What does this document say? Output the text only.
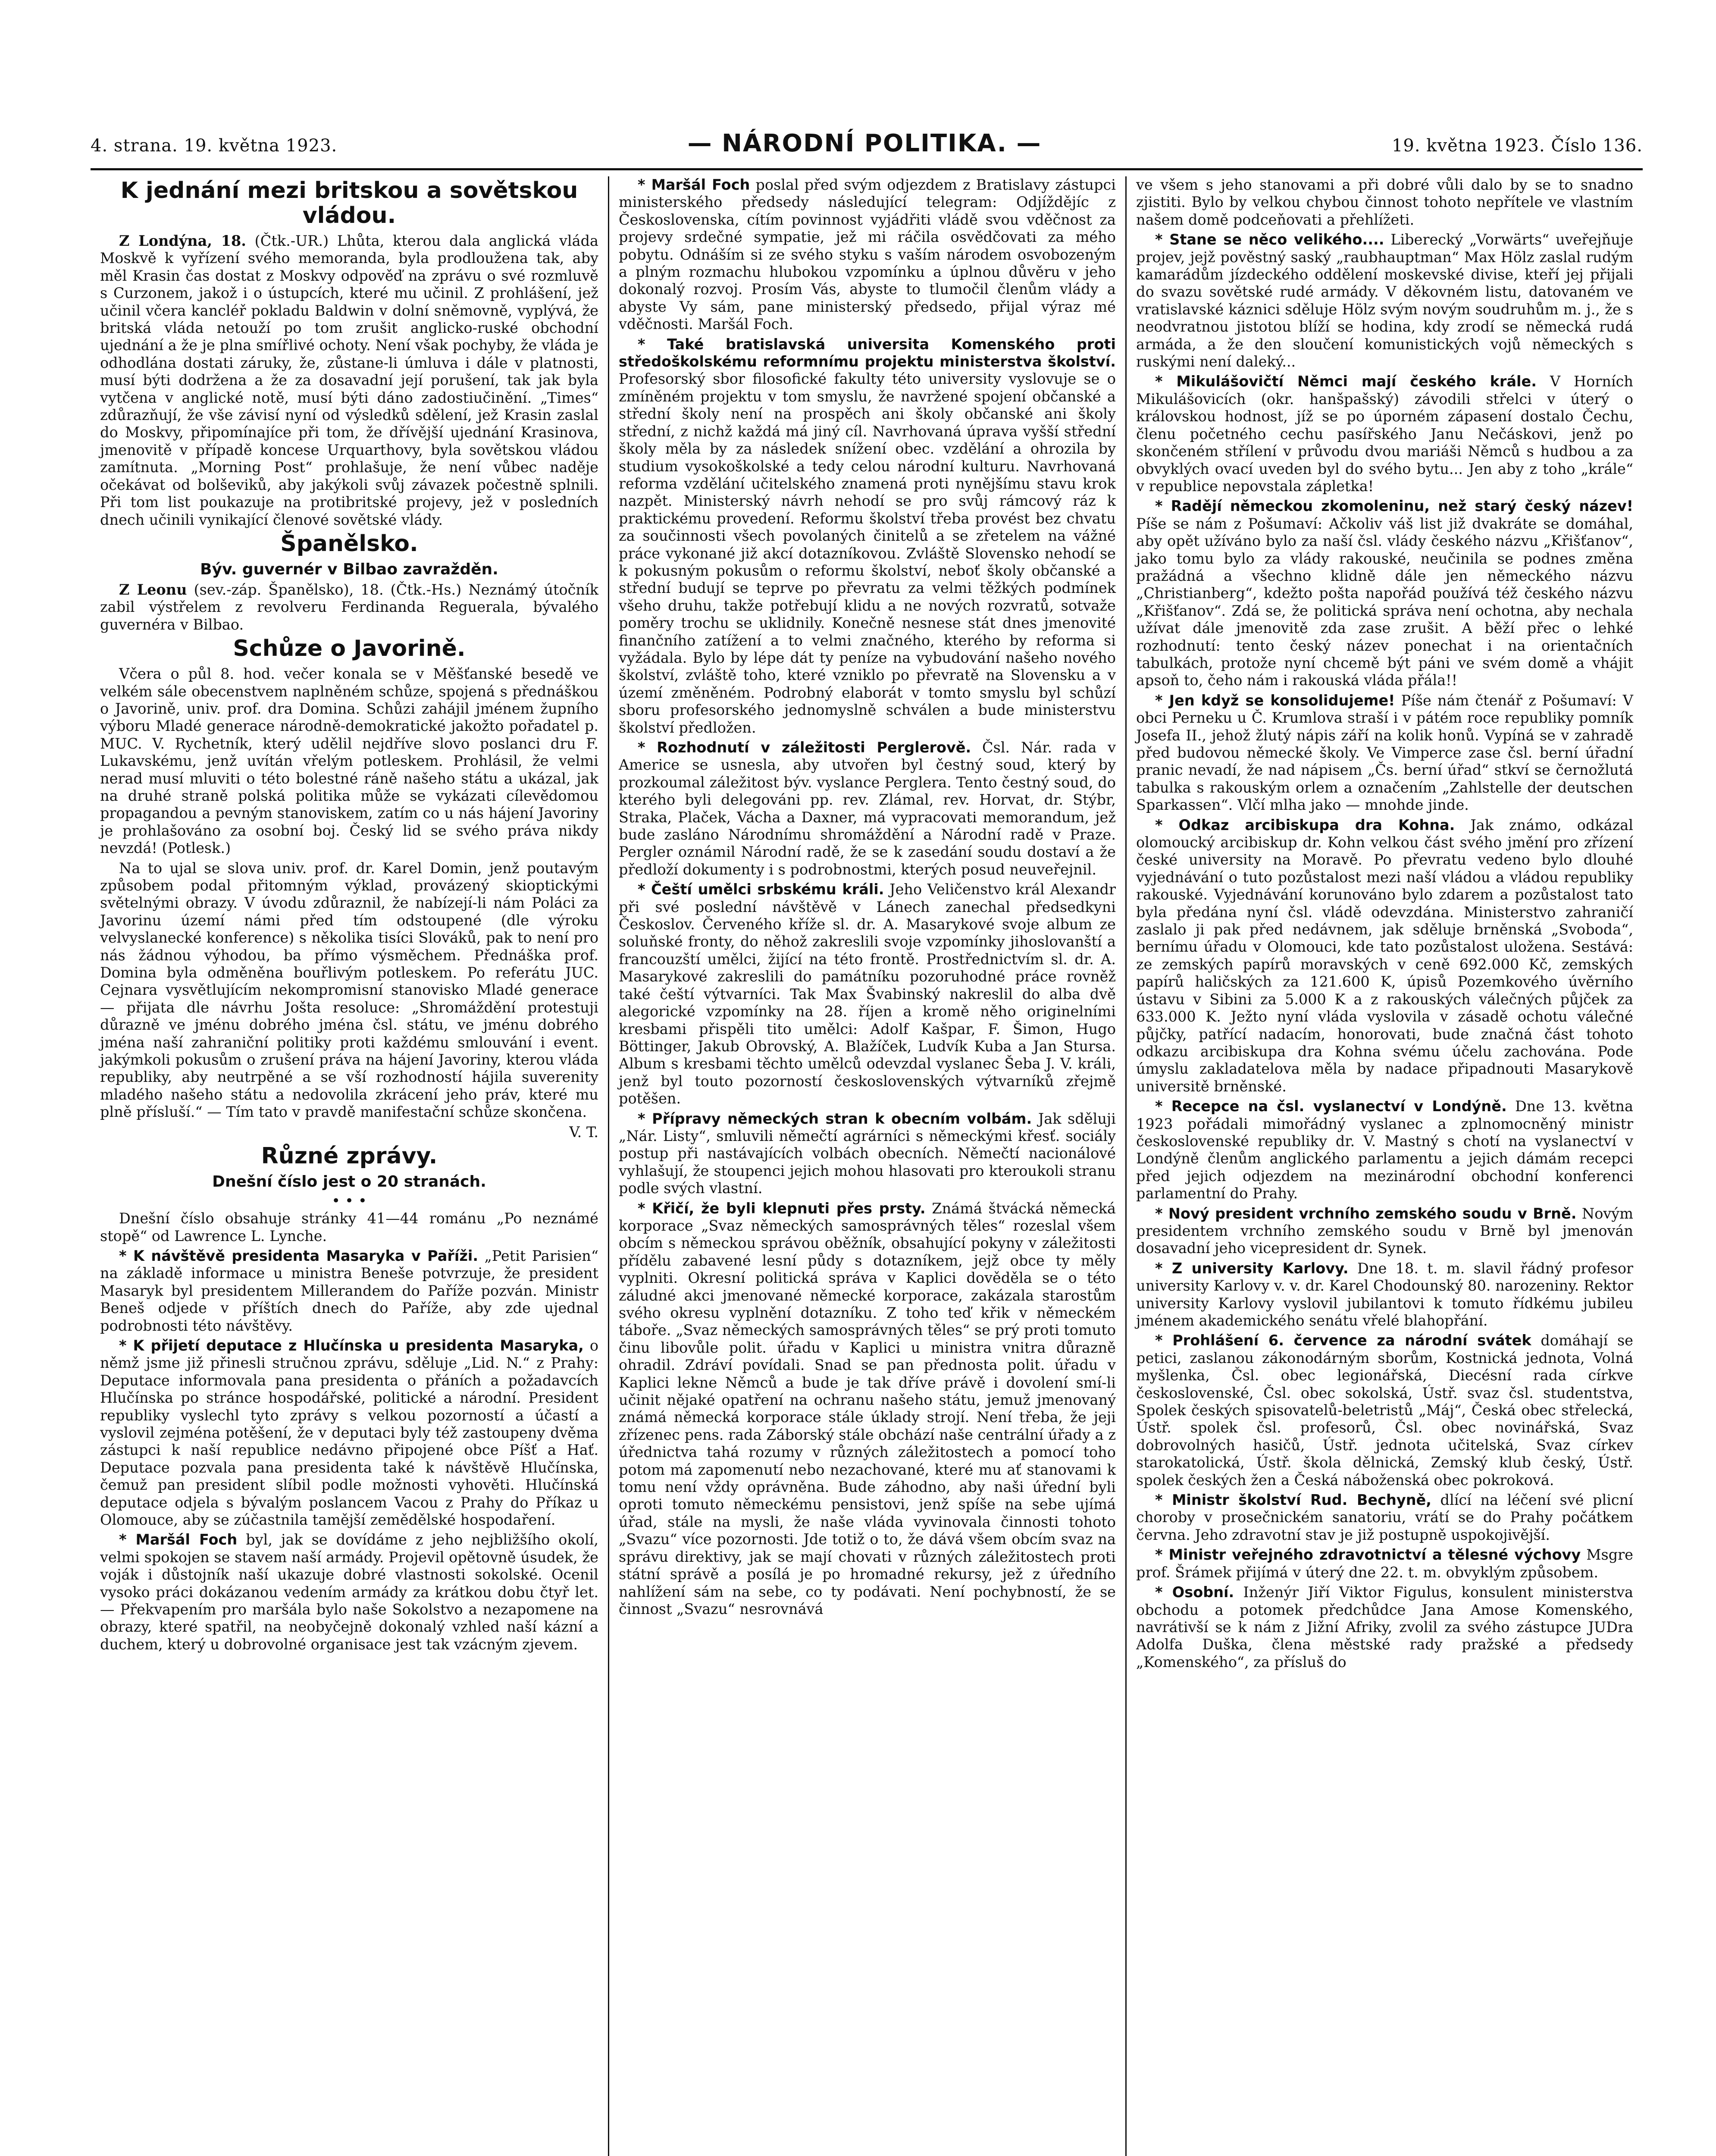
4. strana. 19. května 1923.	— NÁRODNÍ POLITIKA. —	19. května 1923. Číslo 136.
K jednání mezi britskou a sovětskou vládou.

Z Londýna, 18. (Čtk.-UR.) Lhůta, kterou dala anglická vláda Moskvě k vyřízení svého memoranda, byla prodloužena tak, aby měl Krasin čas dostat z Moskvy odpověď na zprávu o své rozmluvě s Curzonem, jakož i o ústupcích, které mu učinil. Z prohlášení, jež učinil včera kancléř pokladu Baldwin v dolní sněmovně, vyplývá, že britská vláda netouží po tom zrušit anglicko-ruské obchodní ujednání a že je plna smířlivé ochoty. Není však pochyby, že vláda je odhodlána dostati záruky, že, zůstane-li úmluva i dále v platnosti, musí býti dodržena a že za dosavadní její porušení, tak jak byla vytčena v anglické notě, musí býti dáno zadostiučinění. „Times“ zdůrazňují, že vše závisí nyní od výsledků sdělení, jež Krasin zaslal do Moskvy, připomínajíce při tom, že dřívější ujednání Krasinova, jmenovitě v případě koncese Urquarthovy, byla sovětskou vládou zamítnuta. „Morning Post“ prohlašuje, že není vůbec naděje očekávat od bolševiků, aby jakýkoli svůj závazek počestně splnili. Při tom list poukazuje na protibritské projevy, jež v posledních dnech učinili vynikající členové sovětské vlády.

Španělsko.
Býv. guvernér v Bilbao zavražděn.

Z Leonu (sev.-záp. Španělsko), 18. (Čtk.-Hs.) Neznámý útočník zabil výstřelem z revolveru Ferdinanda Reguerala, bývalého guvernéra v Bilbao.

Schůze o Javorině.

Včera o půl 8. hod. večer konala se v Měšťanské besedě ve velkém sále obecenstvem naplněném schůze, spojená s přednáškou o Javorině, univ. prof. dra Domina. Schůzi zahájil jménem župního výboru Mladé generace národně-demokratické jakožto pořadatel p. MUC. V. Rychetník, který udělil nejdříve slovo poslanci dru F. Lukavskému, jenž uvítán vřelým potleskem. Prohlásil, že velmi nerad musí mluviti o této bolestné ráně našeho státu a ukázal, jak na druhé straně polská politika může se vykázati cílevědomou propagandou a pevným stanoviskem, zatím co u nás hájení Javoriny je prohlašováno za osobní boj. Český lid se svého práva nikdy nevzdá! (Potlesk.)

Na to ujal se slova univ. prof. dr. Karel Domin, jenž poutavým způsobem podal přitomným výklad, provázený skioptickými světelnými obrazy. V úvodu zdůraznil, že nabízejí-li nám Poláci za Javorinu území námi před tím odstoupené (dle výroku velvyslanecké konference) s několika tisíci Slováků, pak to není pro nás žádnou výhodou, ba přímo výsměchem. Přednáška prof. Domina byla odměněna bouřlivým potleskem. Po referátu JUC. Cejnara vysvětlujícím nekompromisní stanovisko Mladé generace — přijata dle návrhu Jošta resoluce: „Shromáždění protestuji důrazně ve jménu dobrého jména čsl. státu, ve jménu dobrého jména naší zahraniční politiky proti každému smlouvání i event. jakýmkoli pokusům o zrušení práva na hájení Javoriny, kterou vláda republiky, aby neutrpěné a se vší rozhodností hájila suverenity mladého našeho státu a nedovolila zkrácení jeho práv, které mu plně přísluší.“ — Tím tato v pravdě manifestační schůze skončena.

V. T.

Různé zprávy.
Dnešní číslo jest o 20 stranách.
• • •

Dnešní číslo obsahuje stránky 41—44 románu „Po neznámé stopě“ od Lawrence L. Lynche.

* K návštěvě presidenta Masaryka v Paříži. „Petit Parisien“ na základě informace u ministra Beneše potvrzuje, že president Masaryk byl presidentem Millerandem do Paříže pozván. Ministr Beneš odjede v příštích dnech do Paříže, aby zde ujednal podrobnosti této návštěvy.

* K přijetí deputace z Hlučínska u presidenta Masaryka, o němž jsme již přinesli stručnou zprávu, sděluje „Lid. N.“ z Prahy: Deputace informovala pana presidenta o přáních a požadavcích Hlučínska po stránce hospodářské, politické a národní. President republiky vyslechl tyto zprávy s velkou pozorností a účastí a vyslovil zejména potěšení, že v deputaci byly též zastoupeny dvěma zástupci k naší republice nedávno připojené obce Píšť a Hať. Deputace pozvala pana presidenta také k návštěvě Hlučínska, čemuž pan president slíbil podle možnosti vyhověti. Hlučínská deputace odjela s bývalým poslancem Vacou z Prahy do Příkaz u Olomouce, aby se zúčastnila tamější zemědělské hospodaření.

* Maršál Foch byl, jak se dovídáme z jeho nejbližšího okolí, velmi spokojen se stavem naší armády. Projevil opětovně úsudek, že voják i důstojník naší ukazuje dobré vlastnosti sokolské. Ocenil vysoko práci dokázanou vedením armády za krátkou dobu čtyř let. — Překvapením pro maršála bylo naše Sokolstvo a nezapomene na obrazy, které spatřil, na neobyčejně dokonalý vzhled naší kázní a duchem, který u dobrovolné organisace jest tak vzácným zjevem.

* Maršál Foch poslal před svým odjezdem z Bratislavy zástupci ministerského předsedy následující telegram: Odjíždějíc z Československa, cítím povinnost vyjádřiti vládě svou vděčnost za projevy srdečné sympatie, jež mi ráčila osvědčovati za mého pobytu. Odnáším si ze svého styku s vaším národem osvobozeným a plným rozmachu hlubokou vzpomínku a úplnou důvěru v jeho dokonalý rozvoj. Prosím Vás, abyste to tlumočil členům vlády a abyste Vy sám, pane ministerský předsedo, přijal výraz mé vděčnosti. Maršál Foch.

* Také bratislavská universita Komenského proti středoškolskému reformnímu projektu ministerstva školství. Profesorský sbor filosofické fakulty této university vyslovuje se o zmíněném projektu v tom smyslu, že navržené spojení občanské a střední školy není na prospěch ani školy občanské ani školy střední, z nichž každá má jiný cíl. Navrhovaná úprava vyšší střední školy měla by za následek snížení obec. vzdělání a ohrozila by studium vysokoškolské a tedy celou národní kulturu. Navrhovaná reforma vzdělání učitelského znamená proti nynějšímu stavu krok nazpět. Ministerský návrh nehodí se pro svůj rámcový ráz k praktickému provedení. Reformu školství třeba provést bez chvatu za součinnosti všech povolaných činitelů a se zřetelem na vážné práce vykonané již akcí dotazníkovou. Zvláště Slovensko nehodí se k pokusným pokusům o reformu školství, neboť školy občanské a střední budují se teprve po převratu za velmi těžkých podmínek všeho druhu, takže potřebují klidu a ne nových rozvratů, sotvaže poměry trochu se uklidnily. Konečně nesnese stát dnes jmenovité finančního zatížení a to velmi značného, kterého by reforma si vyžádala. Bylo by lépe dát ty peníze na vybudování našeho nového školství, zvláště toho, které vzniklo po převratě na Slovensku a v území změněném. Podrobný elaborát v tomto smyslu byl schůzí sboru profesorského jednomyslně schválen a bude ministerstvu školství předložen.

* Rozhodnutí v záležitosti Perglerově. Čsl. Nár. rada v Americe se usnesla, aby utvořen byl čestný soud, který by prozkoumal záležitost býv. vyslance Perglera. Tento čestný soud, do kterého byli delegováni pp. rev. Zlámal, rev. Horvat, dr. Stýbr, Straka, Plaček, Vácha a Daxner, má vypracovati memorandum, jež bude zasláno Národnímu shromáždění a Národní radě v Praze. Pergler oznámil Národní radě, že se k zasedání soudu dostaví a že předloží dokumenty i s podrobnostmi, kterých posud neuveřejnil.

* Čeští umělci srbskému králi. Jeho Veličenstvo král Alexandr při své poslední návštěvě v Lánech zanechal předsedkyni Českoslov. Červeného kříže sl. dr. A. Masarykové svoje album ze soluňské fronty, do něhož zakreslili svoje vzpomínky jihoslovanští a francouzští umělci, žijící na této frontě. Prostřednictvím sl. dr. A. Masarykové zakreslili do památníku pozoruhodné práce rovněž také čeští výtvarníci. Tak Max Švabinský nakreslil do alba dvě alegorické vzpomínky na 28. říjen a kromě něho originelními kresbami přispěli tito umělci: Adolf Kašpar, F. Šimon, Hugo Böttinger, Jakub Obrovský, A. Blažíček, Ludvík Kuba a Jan Stursa. Album s kresbami těchto umělců odevzdal vyslanec Šeba J. V. králi, jenž byl touto pozorností československých výtvarníků zřejmě potěšen.

* Přípravy německých stran k obecním volbám. Jak sděluji „Nár. Listy“, smluvili němečtí agrárníci s německými křesť. sociály postup při nastávajících volbách obecních. Němečtí nacionálové vyhlašují, že stoupenci jejich mohou hlasovati pro kteroukoli stranu podle svých vlastní.

* Křičí, že byli klepnuti přes prsty. Známá štvácká německá korporace „Svaz německých samosprávných těles“ rozeslal všem obcím s německou správou oběžník, obsahující pokyny v záležitosti přídělu zabavené lesní půdy s dotazníkem, jejž obce ty měly vyplniti. Okresní politická správa v Kaplici dověděla se o této záludné akci jmenované německé korporace, zakázala starostům svého okresu vyplnění dotazníku. Z toho teď křik v německém táboře. „Svaz německých samosprávných těles“ se prý proti tomuto činu libovůle polit. úřadu v Kaplici u ministra vnitra důrazně ohradil. Zdráví povídali. Snad se pan přednosta polit. úřadu v Kaplici lekne Němců a bude je tak dříve právě i dovolení smí-li učinit nějaké opatření na ochranu našeho státu, jemuž jmenovaný známá německá korporace stále úklady strojí. Není třeba, že jeji zřízenec pens. rada Záborský stále obchází naše centrální úřady a z úřednictva tahá rozumy v různých záležitostech a pomocí toho potom má zapomenutí nebo nezachované, které mu ať stanovami k tomu není vždy oprávněna. Bude záhodno, aby naši úřední byli oproti tomuto německému pensistovi, jenž spíše na sebe ujímá úřad, stále na mysli, že naše vláda vyvinovala činnosti tohoto „Svazu“ více pozornosti. Jde totiž o to, že dává všem obcím svaz na správu direktivy, jak se mají chovati v různých záležitostech proti státní správě a posílá je po hromadné rekursy, jež z úředního nahlížení sám na sebe, co ty podávati. Není pochybností, že se činnost „Svazu“ nesrovnává

ve všem s jeho stanovami a při dobré vůli dalo by se to snadno zjistiti. Bylo by velkou chybou činnost tohoto nepřítele ve vlastním našem domě podceňovati a přehlížeti.

* Stane se něco velikého.... Liberecký „Vorwärts“ uveřejňuje projev, jejž pověstný saský „raubhauptman“ Max Hölz zaslal rudým kamarádům jízdeckého oddělení moskevské divise, kteří jej přijali do svazu sovětské rudé armády. V děkovném listu, datovaném ve vratislavské káznici sděluje Hölz svým novým soudruhům m. j., že s neodvratnou jistotou blíží se hodina, kdy zrodí se německá rudá armáda, a že den sloučení komunistických vojů německých s ruskými není daleký...

* Mikulášovičtí Němci mají českého krále. V Horních Mikulášovicích (okr. hanšpašský) závodili střelci v úterý o královskou hodnost, jíž se po úporném zápasení dostalo Čechu, členu početného cechu pasířského Janu Nečáskovi, jenž po skončeném střílení v průvodu dvou mariáši Němců s hudbou a za obvyklých ovací uveden byl do svého bytu... Jen aby z toho „krále“ v republice nepovstala zápletka!

* Radějí německou zkomoleninu, než starý český název! Píše se nám z Pošumaví: Ačkoliv váš list již dvakráte se domáhal, aby opět užíváno bylo za naší čsl. vlády českého názvu „Křišťanov“, jako tomu bylo za vlády rakouské, neučinila se podnes změna pražádná a všechno klidně dále jen německého názvu „Christianberg“, kdežto pošta napořád používá též českého názvu „Křišťanov“. Zdá se, že politická správa není ochotna, aby nechala užívat dále jmenovitě zda zase zrušit. A běží přec o lehké rozhodnutí: tento český název ponechat i na orientačních tabulkách, protože nyní chcemě být páni ve svém domě a vhájit apsoň to, čeho nám i rakouská vláda přála!!

* Jen když se konsolidujeme! Píše nám čtenář z Pošumaví: V obci Perneku u Č. Krumlova straší i v pátém roce republiky pomník Josefa II., jehož žlutý nápis září na kolik honů. Vypíná se v zahradě před budovou německé školy. Ve Vimperce zase čsl. berní úřadní pranic nevadí, že nad nápisem „Čs. berní úřad“ stkví se černožlutá tabulka s rakouským orlem a označením „Zahlstelle der deutschen Sparkassen“. Vlčí mlha jako — mnohde jinde.

* Odkaz arcibiskupa dra Kohna. Jak známo, odkázal olomoucký arcibiskup dr. Kohn velkou část svého jmění pro zřízení české university na Moravě. Po převratu vedeno bylo dlouhé vyjednávání o tuto pozůstalost mezi naší vládou a vládou republiky rakouské. Vyjednávání korunováno bylo zdarem a pozůstalost tato byla předána nyní čsl. vládě odevzdána. Ministerstvo zahraničí zaslalo ji pak před nedávnem, jak sděluje brněnská „Svoboda“, bernímu úřadu v Olomouci, kde tato pozůstalost uložena. Sestává: ze zemských papírů moravských v ceně 692.000 Kč, zemských papírů haličských za 121.600 K, úpisů Pozemkového úvěrního ústavu v Sibini za 5.000 K a z rakouských válečných půjček za 633.000 K. Ježto nyní vláda vyslovila v zásadě ochotu válečné půjčky, patřící nadacím, honorovati, bude značná část tohoto odkazu arcibiskupa dra Kohna svému účelu zachována. Pode úmyslu zakladatelova měla by nadace připadnouti Masarykově universitě brněnské.

* Recepce na čsl. vyslanectví v Londýně. Dne 13. května 1923 pořádali mimořádný vyslanec a zplnomocněný ministr československé republiky dr. V. Mastný s chotí na vyslanectví v Londýně členům anglického parlamentu a jejich dámám recepci před jejich odjezdem na mezinárodní obchodní konferenci parlamentní do Prahy.

* Nový president vrchního zemského soudu v Brně. Novým presidentem vrchního zemského soudu v Brně byl jmenován dosavadní jeho vicepresident dr. Synek.

* Z university Karlovy. Dne 18. t. m. slavil řádný profesor university Karlovy v. v. dr. Karel Chodounský 80. narozeniny. Rektor university Karlovy vyslovil jubilantovi k tomuto řídkému jubileu jménem akademického senátu vřelé blahopřání.

* Prohlášení 6. července za národní svátek domáhají se petici, zaslanou zákonodárným sborům, Kostnická jednota, Volná myšlenka, Čsl. obec legionářská, Diecésní rada církve československé, Čsl. obec sokolská, Ústř. svaz čsl. studentstva, Spolek českých spisovatelů-beletristů „Máj“, Česká obec střelecká, Ústř. spolek čsl. profesorů, Čsl. obec novinářská, Svaz dobrovolných hasičů, Ústř. jednota učitelská, Svaz církev starokatolická, Ústř. škola dělnická, Zemský klub český, Ústř. spolek českých žen a Česká náboženská obec pokroková.

* Ministr školství Rud. Bechyně, dlící na léčení své plicní choroby v prosečnickém sanatoriu, vrátí se do Prahy počátkem června. Jeho zdravotní stav je již postupně uspokojivější.

* Ministr veřejného zdravotnictví a tělesné výchovy Msgre prof. Šrámek přijímá v úterý dne 22. t. m. obvyklým způsobem.

* Osobní. Inženýr Jiří Viktor Figulus, konsulent ministerstva obchodu a potomek předchůdce Jana Amose Komenského, navrátivší se k nám z Jižní Afriky, zvolil za svého zástupce JUDra Adolfa Duška, člena městské rady pražské a předsedy „Komenského“, za přísluš do
